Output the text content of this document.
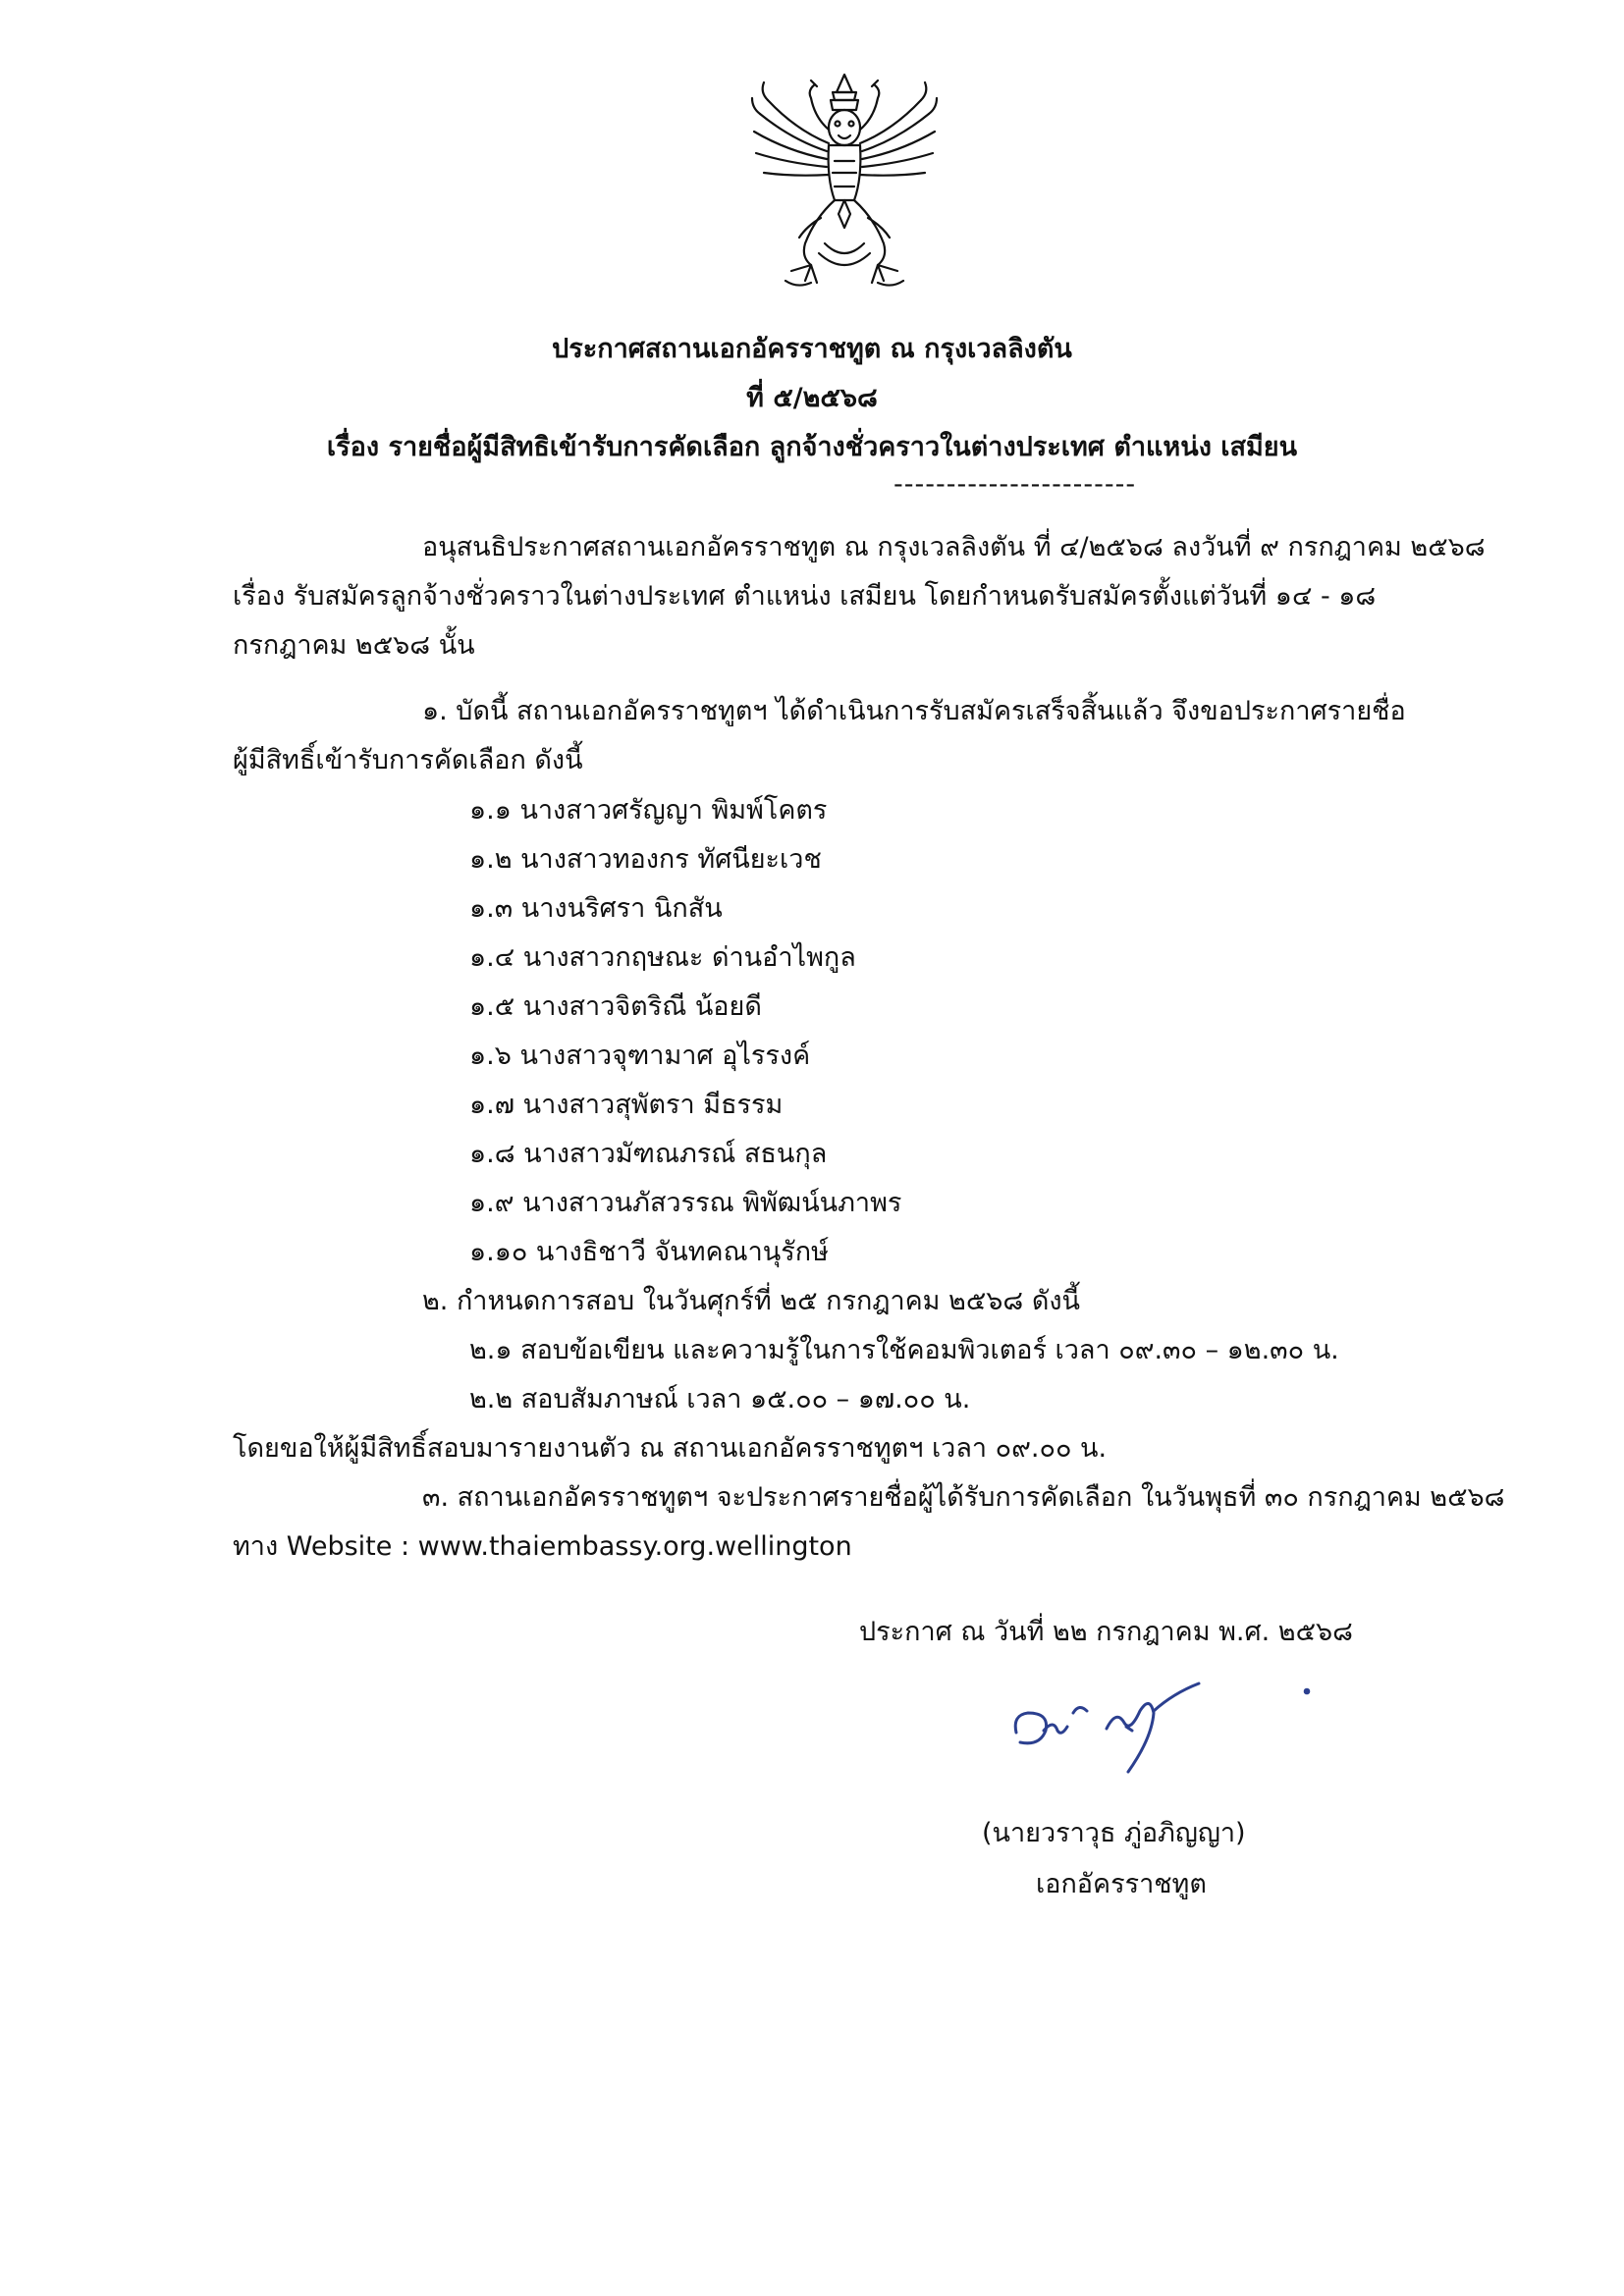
ประกาศสถานเอกอัครราชทูต ณ กรุงเวลลิงตัน
ที่ ๕/๒๕๖๘
เรื่อง รายชื่อผู้มีสิทธิเข้ารับการคัดเลือก ลูกจ้างชั่วคราวในต่างประเทศ ตำแหน่ง เสมียน
-----------------------
อนุสนธิประกาศสถานเอกอัครราชทูต ณ กรุงเวลลิงตัน ที่ ๔/๒๕๖๘ ลงวันที่ ๙ กรกฎาคม ๒๕๖๘
เรื่อง รับสมัครลูกจ้างชั่วคราวในต่างประเทศ ตำแหน่ง เสมียน โดยกำหนดรับสมัครตั้งแต่วันที่ ๑๔ - ๑๘
กรกฎาคม ๒๕๖๘ นั้น
๑. บัดนี้ สถานเอกอัครราชทูตฯ ได้ดำเนินการรับสมัครเสร็จสิ้นแล้ว จึงขอประกาศรายชื่อ
ผู้มีสิทธิ์เข้ารับการคัดเลือก ดังนี้
๑.๑ นางสาวศรัญญา พิมพ์โคตร
๑.๒ นางสาวทองกร ทัศนียะเวช
๑.๓ นางนริศรา นิกสัน
๑.๔ นางสาวกฤษณะ ด่านอำไพกูล
๑.๕ นางสาวจิตริณี น้อยดี
๑.๖ นางสาวจุฑามาศ อุไรรงค์
๑.๗ นางสาวสุพัตรา มีธรรม
๑.๘ นางสาวมัฑณภรณ์ สธนกุล
๑.๙ นางสาวนภัสวรรณ พิพัฒน์นภาพร
๑.๑๐ นางธิชาวี จันทคณานุรักษ์
๒. กำหนดการสอบ ในวันศุกร์ที่ ๒๕ กรกฎาคม ๒๕๖๘ ดังนี้
๒.๑ สอบข้อเขียน และความรู้ในการใช้คอมพิวเตอร์ เวลา ๐๙.๓๐ – ๑๒.๓๐ น.
๒.๒ สอบสัมภาษณ์ เวลา ๑๕.๐๐ – ๑๗.๐๐ น.
โดยขอให้ผู้มีสิทธิ์สอบมารายงานตัว ณ สถานเอกอัครราชทูตฯ เวลา ๐๙.๐๐ น.
๓. สถานเอกอัครราชทูตฯ จะประกาศรายชื่อผู้ได้รับการคัดเลือก ในวันพุธที่ ๓๐ กรกฎาคม ๒๕๖๘
ทาง Website : www.thaiembassy.org.wellington
ประกาศ ณ วันที่ ๒๒ กรกฎาคม พ.ศ. ๒๕๖๘
(นายวราวุธ ภู่อภิญญา)
เอกอัครราชทูต
